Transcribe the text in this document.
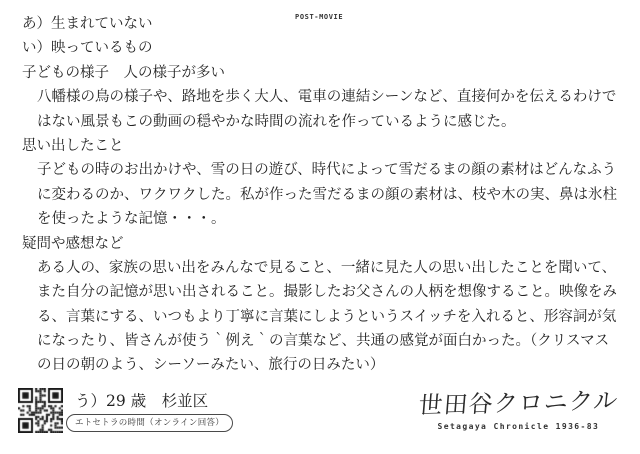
POST-MOVIE
あ）生まれていない
い）映っているもの
子どもの様子　人の様子が多い
八幡様の鳥の様子や、路地を歩く大人、電車の連結シーンなど、直接何かを伝えるわけで
はない風景もこの動画の穏やかな時間の流れを作っているように感じた。
思い出したこと
子どもの時のお出かけや、雪の日の遊び、時代によって雪だるまの顔の素材はどんなふう
に変わるのか、ワクワクした。私が作った雪だるまの顔の素材は、枝や木の実、鼻は氷柱
を使ったような記憶・・・。
疑問や感想など
ある人の、家族の思い出をみんなで見ること、一緒に見た人の思い出したことを聞いて、
また自分の記憶が思い出されること。撮影したお父さんの人柄を想像すること。映像をみ
る、言葉にする、いつもより丁寧に言葉にしようというスイッチを入れると、形容詞が気
になったり、皆さんが使う｀例え｀の言葉など、共通の感覚が面白かった。（クリスマス
の日の朝のよう、シーソーみたい、旅行の日みたい）
う）29 歳　杉並区
エトセトラの時間（オンライン回答）
世田谷クロニクル
Setagaya Chronicle 1936-83
